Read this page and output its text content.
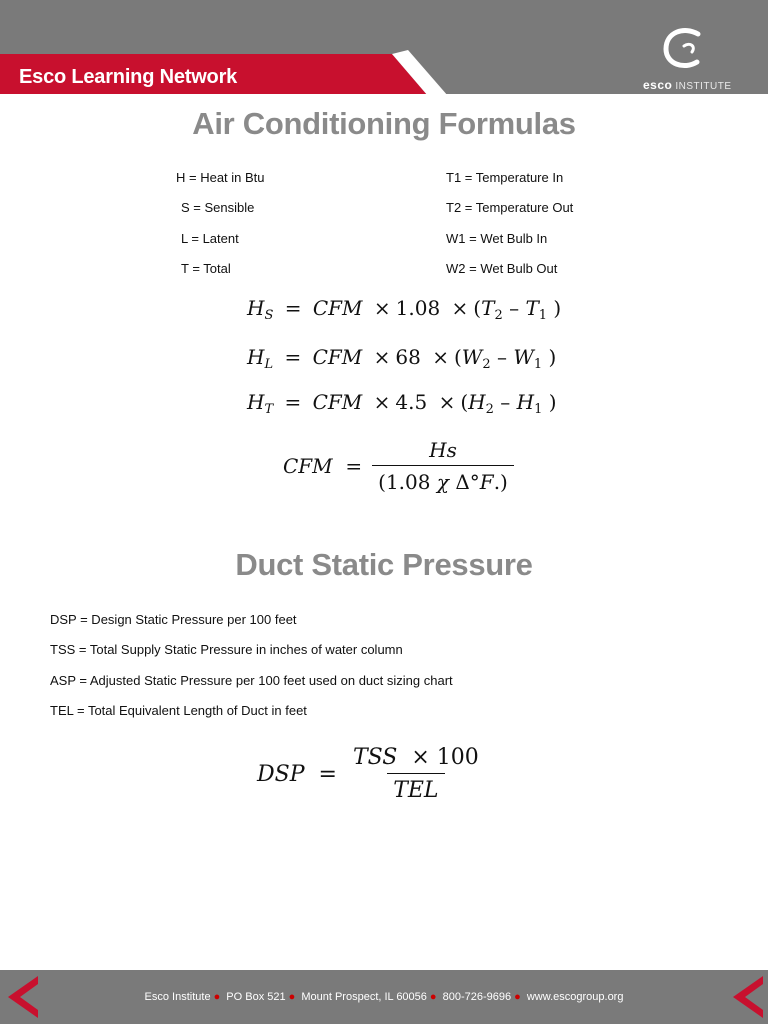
Esco Learning Network	esco INSTITUTE
Air Conditioning Formulas
H = Heat in Btu
S = Sensible
L = Latent
T = Total
T1 = Temperature In
T2 = Temperature Out
W1 = Wet Bulb In
W2 = Wet Bulb Out
$H_S$ = CFM × $1.08 \times (T_2 - T_1$ )
$H_L$ = CFM × $68 \times (W_2 - W_1$ )
$H_T$ = CFM × $4.5 \times (H_2 - H_1$ )
CFM  = $\frac{Hs}{\text{(1.08 χ Δ°F.)}}$
Duct Static Pressure
DSP = Design Static Pressure per 100 feet
TSS = Total Supply Static Pressure in inches of water column
ASP = Adjusted Static Pressure per 100 feet used on duct sizing chart
TEL = Total Equivalent Length of Duct in feet
DSP  = $\frac{\text{TSS  × 100}}{\text{TEL}}$
Esco Institute ● PO Box 521 ● Mount Prospect, IL 60056 ● 800-726-9696 ● www.escogroup.org
